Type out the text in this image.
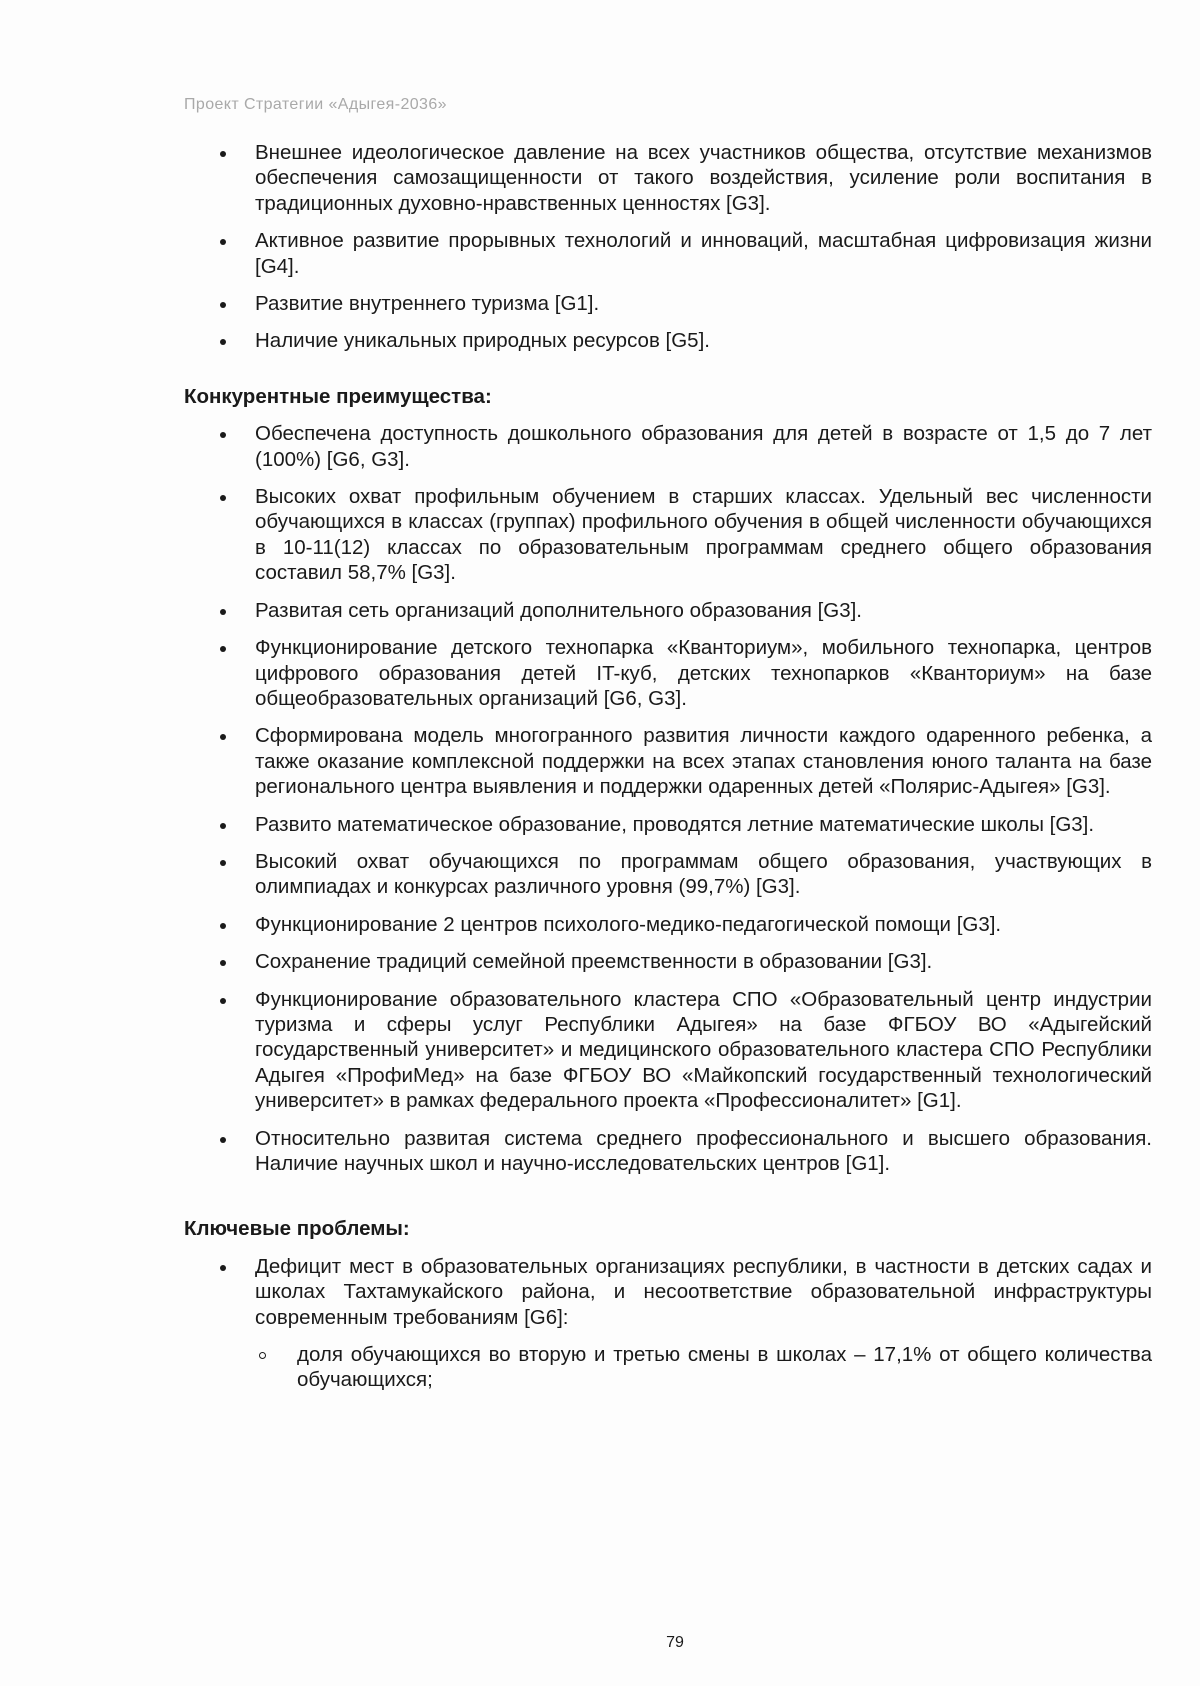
Проект Стратегии «Адыгея-2036»
Внешнее идеологическое давление на всех участников общества, отсутствие механизмов обеспечения самозащищенности от такого воздействия, усиление роли воспитания в традиционных духовно-нравственных ценностях [G3].
Активное развитие прорывных технологий и инноваций, масштабная цифровизация жизни [G4].
Развитие внутреннего туризма [G1].
Наличие уникальных природных ресурсов [G5].
Конкурентные преимущества:
Обеспечена доступность дошкольного образования для детей в возрасте от 1,5 до 7 лет (100%) [G6, G3].
Высоких охват профильным обучением в старших классах. Удельный вес численности обучающихся в классах (группах) профильного обучения в общей численности обучающихся в 10-11(12) классах по образовательным программам среднего общего образования составил 58,7% [G3].
Развитая сеть организаций дополнительного образования [G3].
Функционирование детского технопарка «Кванториум», мобильного технопарка, центров цифрового образования детей IT-куб, детских технопарков «Кванториум» на базе общеобразовательных организаций [G6, G3].
Сформирована модель многогранного развития личности каждого одаренного ребенка, а также оказание комплексной поддержки на всех этапах становления юного таланта на базе регионального центра выявления и поддержки одаренных детей «Полярис-Адыгея» [G3].
Развито математическое образование, проводятся летние математические школы [G3].
Высокий охват обучающихся по программам общего образования, участвующих в олимпиадах и конкурсах различного уровня (99,7%) [G3].
Функционирование 2 центров психолого-медико-педагогической помощи [G3].
Сохранение традиций семейной преемственности в образовании [G3].
Функционирование образовательного кластера СПО «Образовательный центр индустрии туризма и сферы услуг Республики Адыгея» на базе ФГБОУ ВО «Адыгейский государственный университет» и медицинского образовательного кластера СПО Республики Адыгея «ПрофиМед» на базе ФГБОУ ВО «Майкопский государственный технологический университет» в рамках федерального проекта «Профессионалитет» [G1].
Относительно развитая система среднего профессионального и высшего образования. Наличие научных школ и научно-исследовательских центров [G1].
Ключевые проблемы:
Дефицит мест в образовательных организациях республики, в частности в детских садах и школах Тахтамукайского района, и несоответствие образовательной инфраструктуры современным требованиям [G6]:
доля обучающихся во вторую и третью смены в школах – 17,1% от общего количества обучающихся;
79
